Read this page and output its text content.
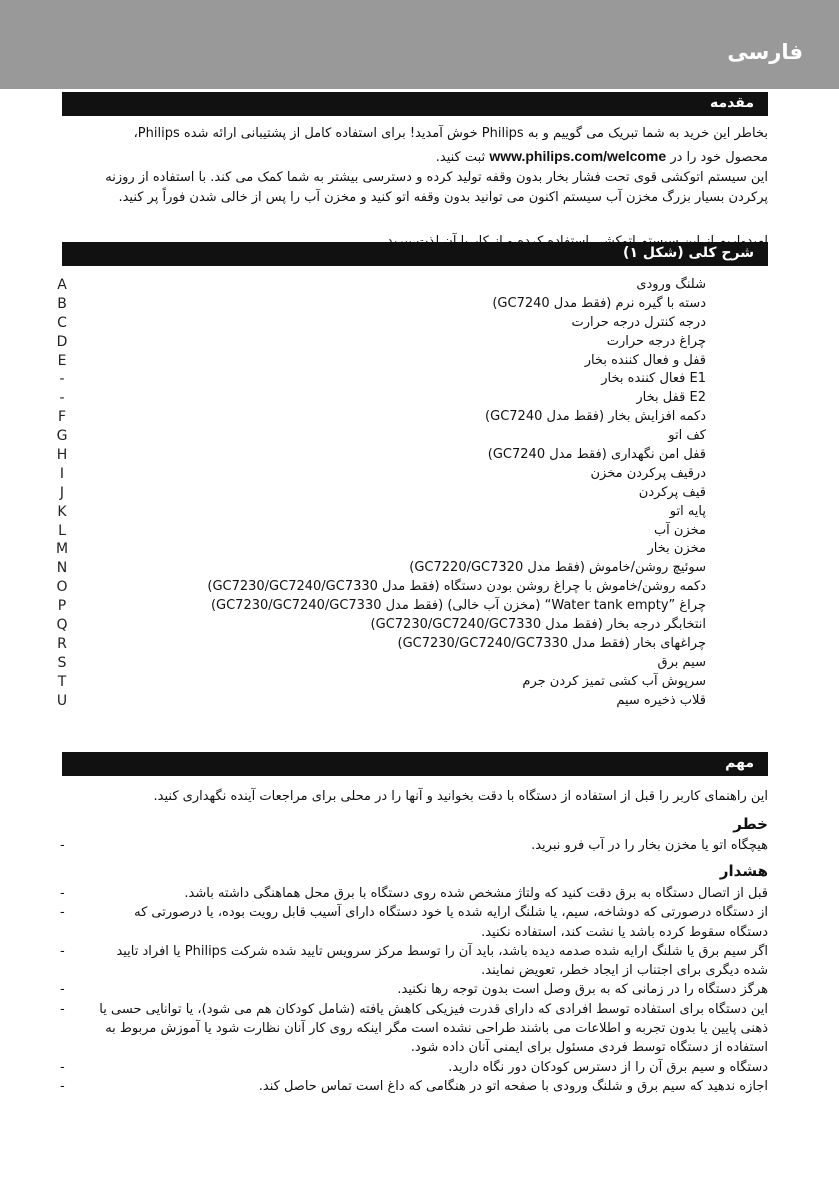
فارسی
مقدمه

بخاطر این خرید به شما تبریک می گوییم و به Philips خوش آمدید! برای استفاده کامل از پشتیبانی ارائه شده Philips،

محصول خود را در www.philips.com/welcome ثبت کنید.

این سیستم اتوکشی قوی تحت فشار بخار بدون وقفه تولید کرده و دسترسی بیشتر به شما کمک می کند. با استفاده از روزنه پرکردن بسیار بزرگ مخزن آب سیستم اکنون می توانید بدون وقفه اتو کنید و مخزن آب را پس از خالی شدن فوراً پر کنید.

شرح کلی (شکل ۱)
A	شلنگ ورودی
B	دسته با گیره نرم (فقط مدل GC7240)
C	درجه کنترل درجه حرارت
D	چراغ درجه حرارت
E	قفل و فعال کننده بخار
-	E1 فعال کننده بخار
-	E2 قفل بخار
F	دکمه افزایش بخار (فقط مدل GC7240)
G	کف اتو
H	قفل امن نگهداری (فقط مدل GC7240)
I	درقیف پرکردن مخزن
J	قیف پرکردن
K	پایه اتو
L	مخزن آب
M	مخزن بخار
N	سوئیچ روشن/خاموش (فقط مدل GC7220/GC7320)
O	دکمه روشن/خاموش با چراغ روشن بودن دستگاه (فقط مدل GC7230/GC7240/GC7330)
P	چراغ ”Water tank empty“ (مخزن آب خالی) (فقط مدل GC7230/GC7240/GC7330)
Q	انتخابگر درجه بخار (فقط مدل GC7230/GC7240/GC7330)
R	چراغهای بخار (فقط مدل GC7230/GC7240/GC7330)
S	سیم برق
T	سرپوش آب کشی تمیز کردن جرم
U	قلاب ذخیره سیم
مهم

این راهنمای کاربر را قبل از استفاده از دستگاه با دقت بخوانید و آنها را در محلی برای مراجعات آینده نگهداری کنید.

خطر
-	هیچگاه اتو یا مخزن بخار را در آب فرو نبرید.

هشدار
-	قبل از اتصال دستگاه به برق دقت کنید که ولتاژ مشخص شده روی دستگاه با برق محل هماهنگی داشته باشد.

-	از دستگاه درصورتی که دوشاخه، سیم، یا شلنگ ارایه شده یا خود دستگاه دارای آسیب قابل رویت بوده، یا درصورتی که دستگاه سقوط کرده باشد یا نشت کند، استفاده نکنید.

-	اگر سیم برق یا شلنگ ارایه شده صدمه دیده باشد، باید آن را توسط مرکز سرویس تایید شده شرکت Philips یا افراد تایید شده دیگری برای اجتناب از ایجاد خطر، تعویض نمایند.

-	هرگز دستگاه را در زمانی که به برق وصل است بدون توجه رها نکنید.

-	این دستگاه برای استفاده توسط افرادی که دارای قدرت فیزیکی کاهش یافته (شامل کودکان هم می شود)، یا توانایی حسی یا ذهنی پایین یا بدون تجربه و اطلاعات می باشند طراحی نشده است مگر اینکه روی کار آنان نظارت شود یا آموزش مربوط به استفاده از دستگاه توسط فردی مسئول برای ایمنی آنان داده شود.

-	دستگاه و سیم برق آن را از دسترس کودکان دور نگاه دارید.

-	اجازه ندهید که سیم برق و شلنگ ورودی با صفحه اتو در هنگامی که داغ است تماس حاصل کند.
